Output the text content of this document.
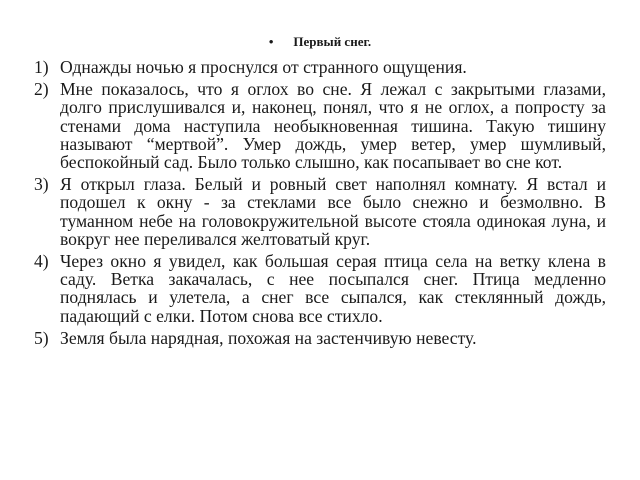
• Первый снег.
1) Однажды ночью я проснулся от странного ощущения.
2) Мне показалось, что я оглох во сне. Я лежал с закрытыми глазами, долго прислушивался и, наконец, понял, что я не оглох, а попросту за стенами дома наступила необыкновенная тишина. Такую тишину называют “мертвой”. Умер дождь, умер ветер, умер шумливый, беспокойный сад. Было только слышно, как посапывает во сне кот.
3) Я открыл глаза. Белый и ровный свет наполнял комнату. Я встал и подошел к окну - за стеклами все было снежно и безмолвно. В туманном небе на головокружительной высоте стояла одинокая луна, и вокруг нее переливался желтоватый круг.
4) Через окно я увидел, как большая серая птица села на ветку клена в саду. Ветка закачалась, с нее посыпался снег. Птица медленно поднялась и улетела, а снег все сыпался, как стеклянный дождь, падающий с елки. Потом снова все стихло.
5) Земля была нарядная, похожая на застенчивую невесту.
